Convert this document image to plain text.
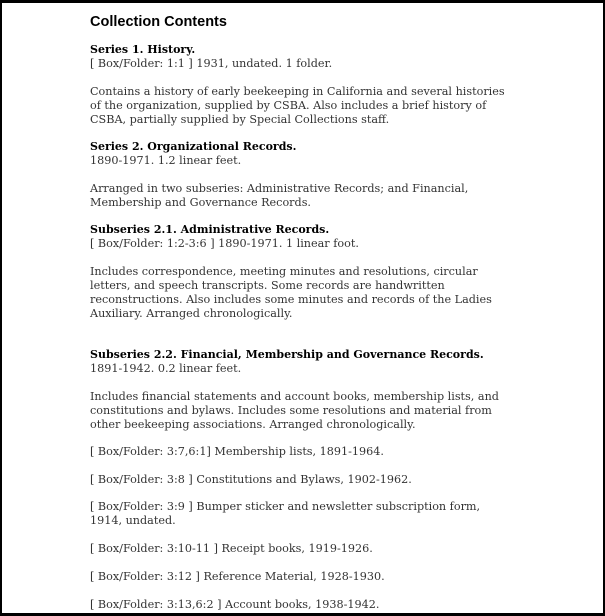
Collection Contents
Series 1. History.
[ Box/Folder: 1:1 ] 1931, undated. 1 folder.
Contains a history of early beekeeping in California and several histories
of the organization, supplied by CSBA. Also includes a brief history of
CSBA, partially supplied by Special Collections staff.
Series 2. Organizational Records.
1890-1971. 1.2 linear feet.
Arranged in two subseries: Administrative Records; and Financial,
Membership and Governance Records.
Subseries 2.1. Administrative Records.
[ Box/Folder: 1:2-3:6 ] 1890-1971. 1 linear foot.
Includes correspondence, meeting minutes and resolutions, circular
letters, and speech transcripts. Some records are handwritten
reconstructions. Also includes some minutes and records of the Ladies
Auxiliary. Arranged chronologically.
Subseries 2.2. Financial, Membership and Governance Records.
1891-1942. 0.2 linear feet.
Includes financial statements and account books, membership lists, and
constitutions and bylaws. Includes some resolutions and material from
other beekeeping associations. Arranged chronologically.
[ Box/Folder: 3:7,6:1] Membership lists, 1891-1964.
[ Box/Folder: 3:8 ] Constitutions and Bylaws, 1902-1962.
[ Box/Folder: 3:9 ] Bumper sticker and newsletter subscription form,
1914, undated.
[ Box/Folder: 3:10-11 ] Receipt books, 1919-1926.
[ Box/Folder: 3:12 ] Reference Material, 1928-1930.
[ Box/Folder: 3:13,6:2 ] Account books, 1938-1942.
